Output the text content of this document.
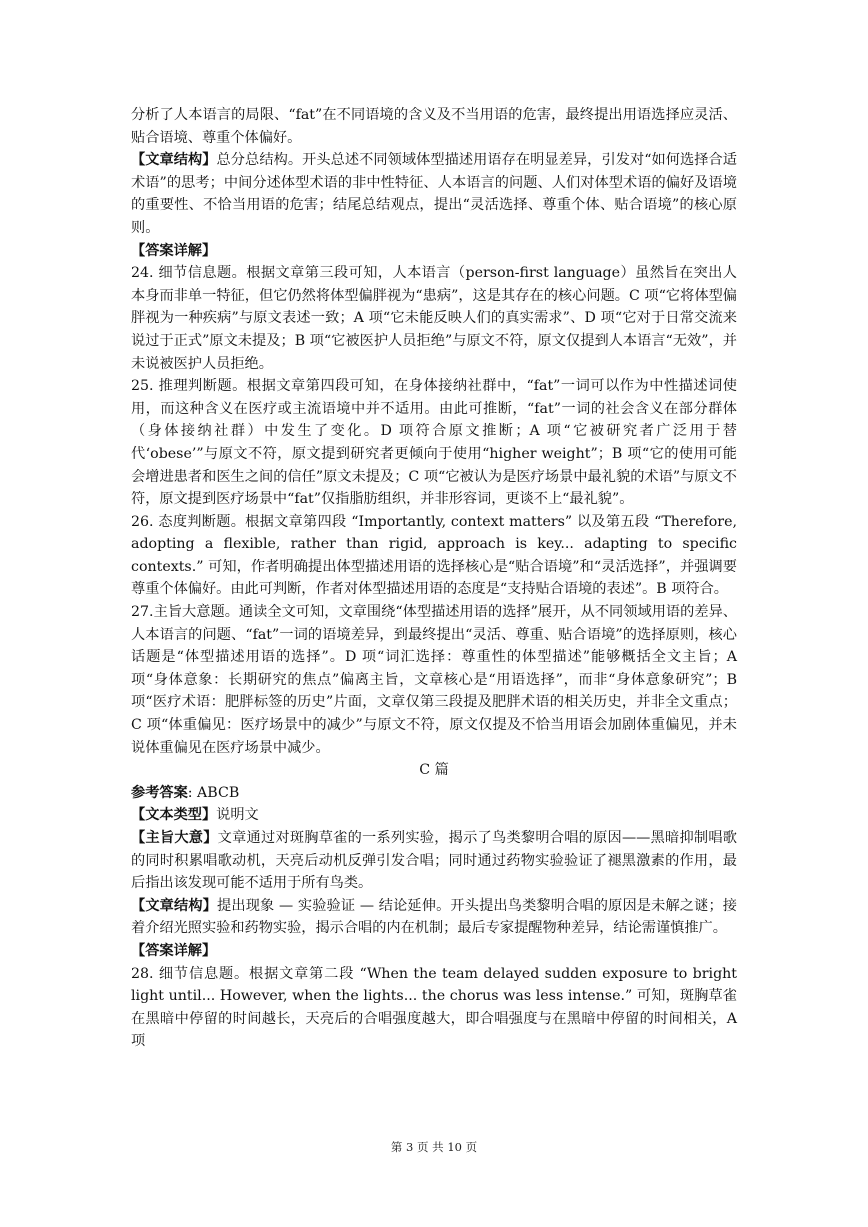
分析了人本语言的局限、“fat”在不同语境的含义及不当用语的危害，最终提出用语选择应灵活、贴合语境、尊重个体偏好。

【文章结构】总分总结构。开头总述不同领域体型描述用语存在明显差异，引发对“如何选择合适术语”的思考；中间分述体型术语的非中性特征、人本语言的问题、人们对体型术语的偏好及语境的重要性、不恰当用语的危害；结尾总结观点，提出“灵活选择、尊重个体、贴合语境”的核心原则。

【答案详解】

24. 细节信息题。根据文章第三段可知，人本语言（person-first language）虽然旨在突出人本身而非单一特征，但它仍然将体型偏胖视为“患病”，这是其存在的核心问题。C 项“它将体型偏胖视为一种疾病”与原文表述一致；A 项“它未能反映人们的真实需求”、D 项“它对于日常交流来说过于正式”原文未提及；B 项“它被医护人员拒绝”与原文不符，原文仅提到人本语言“无效”，并未说被医护人员拒绝。

25. 推理判断题。根据文章第四段可知，在身体接纳社群中，“fat”一词可以作为中性描述词使用，而这种含义在医疗或主流语境中并不适用。由此可推断，“fat”一词的社会含义在部分群体（身体接纳社群）中发生了变化。D 项符合原文推断；A 项“它被研究者广泛用于替代‘obese’”与原文不符，原文提到研究者更倾向于使用“higher weight”；B 项“它的使用可能会增进患者和医生之间的信任”原文未提及；C 项“它被认为是医疗场景中最礼貌的术语”与原文不符，原文提到医疗场景中“fat”仅指脂肪组织，并非形容词，更谈不上“最礼貌”。

26. 态度判断题。根据文章第四段 “Importantly, context matters” 以及第五段 “Therefore, adopting a flexible, rather than rigid, approach is key... adapting to specific contexts.” 可知，作者明确提出体型描述用语的选择核心是“贴合语境”和“灵活选择”，并强调要尊重个体偏好。由此可判断，作者对体型描述用语的态度是“支持贴合语境的表述”。B 项符合。

27.主旨大意题。通读全文可知，文章围绕“体型描述用语的选择”展开，从不同领域用语的差异、人本语言的问题、“fat”一词的语境差异，到最终提出“灵活、尊重、贴合语境”的选择原则，核心话题是“体型描述用语的选择”。D 项“词汇选择：尊重性的体型描述”能够概括全文主旨；A 项“身体意象：长期研究的焦点”偏离主旨，文章核心是“用语选择”，而非“身体意象研究”；B 项“医疗术语：肥胖标签的历史”片面，文章仅第三段提及肥胖术语的相关历史，并非全文重点；C 项“体重偏见：医疗场景中的减少”与原文不符，原文仅提及不恰当用语会加剧体重偏见，并未说体重偏见在医疗场景中减少。

C 篇

参考答案: ABCB

【文本类型】说明文

【主旨大意】文章通过对斑胸草雀的一系列实验，揭示了鸟类黎明合唱的原因——黑暗抑制唱歌的同时积累唱歌动机，天亮后动机反弹引发合唱；同时通过药物实验验证了褪黑激素的作用，最后指出该发现可能不适用于所有鸟类。

【文章结构】提出现象 — 实验验证 — 结论延伸。开头提出鸟类黎明合唱的原因是未解之谜；接着介绍光照实验和药物实验，揭示合唱的内在机制；最后专家提醒物种差异，结论需谨慎推广。

【答案详解】

28. 细节信息题。根据文章第二段 “When the team delayed sudden exposure to bright light until... However, when the lights... the chorus was less intense.” 可知，斑胸草雀在黑暗中停留的时间越长，天亮后的合唱强度越大，即合唱强度与在黑暗中停留的时间相关，A 项

第 3 页 共 10 页
